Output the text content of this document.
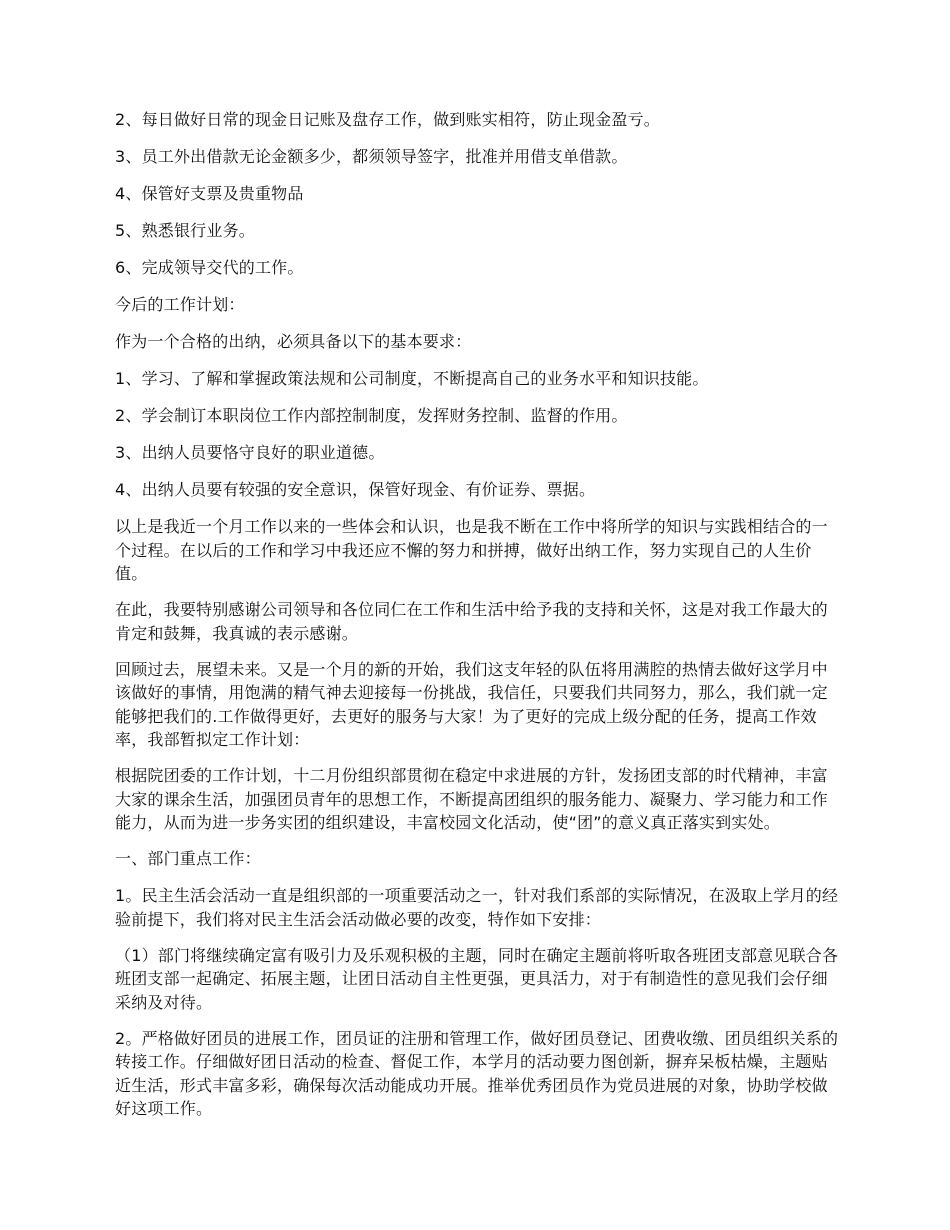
2、每日做好日常的现金日记账及盘存工作，做到账实相符，防止现金盈亏。

3、员工外出借款无论金额多少，都须领导签字，批准并用借支单借款。

4、保管好支票及贵重物品

5、熟悉银行业务。

6、完成领导交代的工作。

今后的工作计划：

作为一个合格的出纳，必须具备以下的基本要求：

1、学习、了解和掌握政策法规和公司制度，不断提高自己的业务水平和知识技能。

2、学会制订本职岗位工作内部控制制度，发挥财务控制、监督的作用。

3、出纳人员要恪守良好的职业道德。

4、出纳人员要有较强的安全意识，保管好现金、有价证券、票据。

以上是我近一个月工作以来的一些体会和认识，也是我不断在工作中将所学的知识与实践相结合的一个过程。在以后的工作和学习中我还应不懈的努力和拼搏，做好出纳工作，努力实现自己的人生价值。

在此，我要特别感谢公司领导和各位同仁在工作和生活中给予我的支持和关怀，这是对我工作最大的肯定和鼓舞，我真诚的表示感谢。

回顾过去，展望未来。又是一个月的新的开始，我们这支年轻的队伍将用满腔的热情去做好这学月中该做好的事情，用饱满的精气神去迎接每一份挑战，我信任，只要我们共同努力，那么，我们就一定能够把我们的.工作做得更好，去更好的服务与大家！为了更好的完成上级分配的任务，提高工作效率，我部暂拟定工作计划：

根据院团委的工作计划，十二月份组织部贯彻在稳定中求进展的方针，发扬团支部的时代精神，丰富大家的课余生活，加强团员青年的思想工作，不断提高团组织的服务能力、凝聚力、学习能力和工作能力，从而为进一步务实团的组织建设，丰富校园文化活动，使“团”的意义真正落实到实处。

一、部门重点工作：

1。民主生活会活动一直是组织部的一项重要活动之一，针对我们系部的实际情况，在汲取上学月的经验前提下，我们将对民主生活会活动做必要的改变，特作如下安排：

（1）部门将继续确定富有吸引力及乐观积极的主题，同时在确定主题前将听取各班团支部意见联合各班团支部一起确定、拓展主题，让团日活动自主性更强，更具活力，对于有制造性的意见我们会仔细采纳及对待。

2。严格做好团员的进展工作，团员证的注册和管理工作，做好团员登记、团费收缴、团员组织关系的转接工作。仔细做好团日活动的检查、督促工作，本学月的活动要力图创新，摒弃呆板枯燥，主题贴近生活，形式丰富多彩，确保每次活动能成功开展。推举优秀团员作为党员进展的对象，协助学校做好这项工作。
